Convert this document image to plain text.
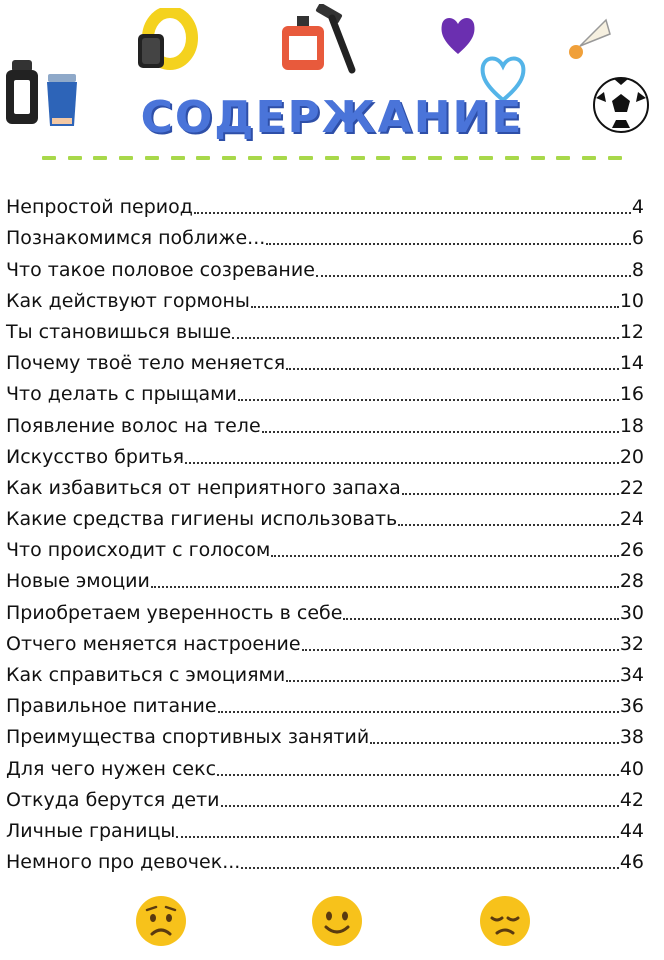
СОДЕРЖАНИЕ
Непростой период	4
Познакомимся поближе...	6
Что такое половое созревание	8
Как действуют гормоны	10
Ты становишься выше	12
Почему твоё тело меняется	14
Что делать с прыщами	16
Появление волос на теле	18
Искусство бритья	20
Как избавиться от неприятного запаха	22
Какие средства гигиены использовать	24
Что происходит с голосом	26
Новые эмоции	28
Приобретаем уверенность в себе	30
Отчего меняется настроение	32
Как справиться с эмоциями	34
Правильное питание	36
Преимущества спортивных занятий	38
Для чего нужен секс	40
Откуда берутся дети	42
Личные границы	44
Немного про девочек...	46
